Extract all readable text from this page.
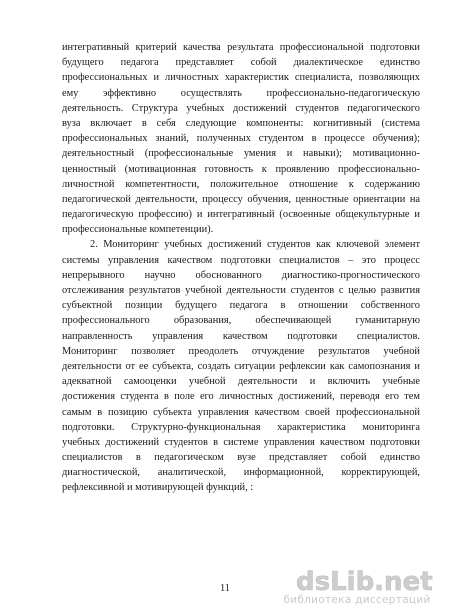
интегративный критерий качества результата профессиональной подготовки
будущего педагога представляет собой диалектическое единство
профессиональных и личностных характеристик специалиста, позволяющих
ему эффективно осуществлять профессионально-педагогическую
деятельность. Структура учебных достижений студентов педагогического
вуза включает в себя следующие компоненты: когнитивный (система
профессиональных знаний, полученных студентом в процессе обучения);
деятельностный (профессиональные умения и навыки); мотивационно-
ценностный (мотивационная готовность к проявлению профессионально-
личностной компетентности, положительное отношение к содержанию
педагогической деятельности, процессу обучения, ценностные ориентации на
педагогическую профессию) и интегративный (освоенные общекультурные и
профессиональные компетенции).
2. Мониторинг учебных достижений студентов как ключевой элемент
системы управления качеством подготовки специалистов – это процесс
непрерывного научно обоснованного диагностико-прогностического
отслеживания результатов учебной деятельности студентов с целью развития
субъектной позиции будущего педагога в отношении собственного
профессионального образования, обеспечивающей гуманитарную
направленность управления качеством подготовки специалистов.
Мониторинг позволяет преодолеть отчуждение результатов учебной
деятельности от ее субъекта, создать ситуации рефлексии как самопознания и
адекватной самооценки учебной деятельности и включить учебные
достижения студента в поле его личностных достижений, переводя его тем
самым в позицию субъекта управления качеством своей профессиональной
подготовки. Структурно-функциональная характеристика мониторинга
учебных достижений студентов в системе управления качеством подготовки
специалистов в педагогическом вузе представляет собой единство
диагностической, аналитической, информационной, корректирующей,
рефлексивной и мотивирующей функций, :
11	dsLib.net
библиотека диссертаций
